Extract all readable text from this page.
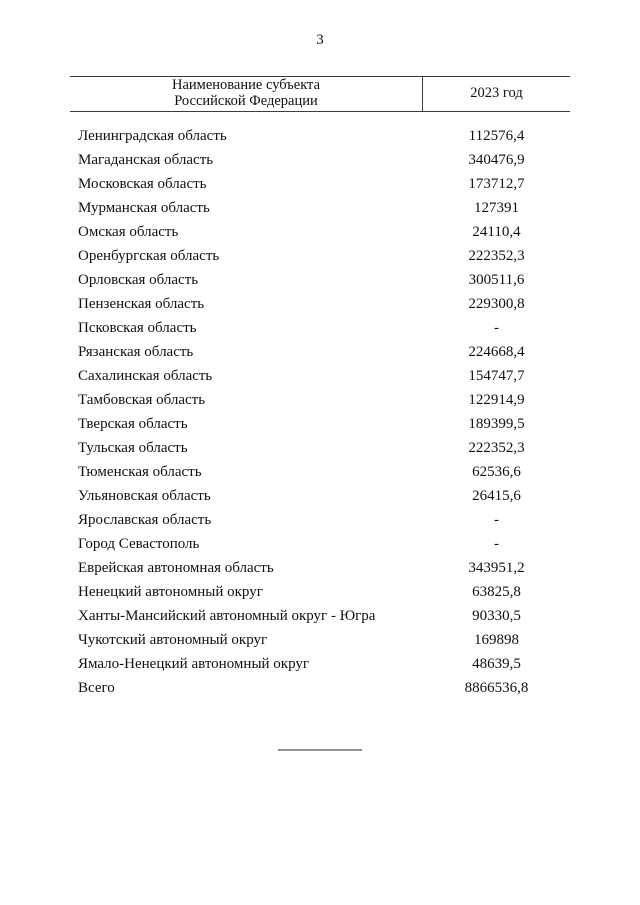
3
Наименование субъекта
Российской Федерации	2023 год
Ленинградская область	112576,4
Магаданская область	340476,9
Московская область	173712,7
Мурманская область	127391
Омская область	24110,4
Оренбургская область	222352,3
Орловская область	300511,6
Пензенская область	229300,8
Псковская область	-
Рязанская область	224668,4
Сахалинская область	154747,7
Тамбовская область	122914,9
Тверская область	189399,5
Тульская область	222352,3
Тюменская область	62536,6
Ульяновская область	26415,6
Ярославская область	-
Город Севастополь	-
Еврейская автономная область	343951,2
Ненецкий автономный округ	63825,8
Ханты-Мансийский автономный округ - Югра	90330,5
Чукотский автономный округ	169898
Ямало-Ненецкий автономный округ	48639,5
Всего	8866536,8
